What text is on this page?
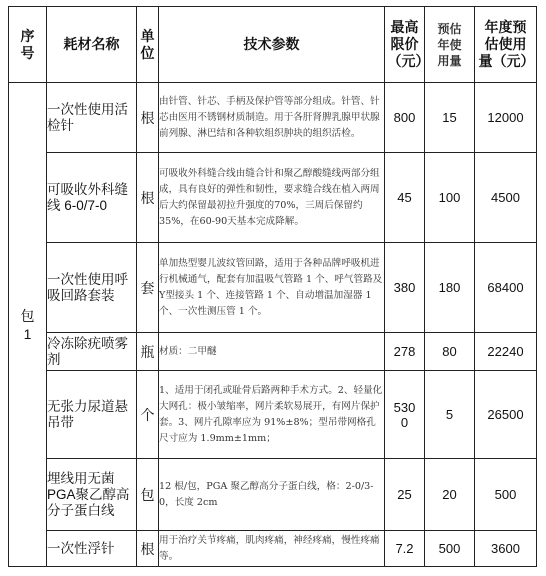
序号	耗材名称	单位	技术参数	最高限价（元）	预估年使用量	年度预估使用量（元）
包1	一次性使用活检针	根	由针管、针芯、手柄及保护管等部分组成。针管、针芯由医用不锈钢材质制造。用于各肝肾脾乳腺甲状腺前列腺、淋巴结和各种软组织肿块的组织活检。	800	15	12000
	可吸收外科缝线 6-0/7-0	根	可吸收外科缝合线由缝合针和聚乙醇酸缝线两部分组成，具有良好的弹性和韧性，要求缝合线在植入两周后大约保留最初拉升强度的70%，三周后保留约35%，在60-90天基本完成降解。	45	100	4500
	一次性使用呼吸回路套装	套	单加热型婴儿波纹管回路，适用于各种品牌呼吸机进行机械通气，配套有加温吸气管路 1 个、呼气管路及Y型接头 1 个、连接管路 1 个、自动增温加湿器 1 个、一次性测压管 1 个。	380	180	68400
	冷冻除疣喷雾剂	瓶	材质：二甲醚	278	80	22240
	无张力尿道悬吊带	个	1、适用于闭孔或耻骨后路两种手术方式。2、轻量化大网孔：极小皱缩率，网片柔软易展开，有网片保护套。3、网片孔隙率应为 91%±8%；型吊带网格孔尺寸应为 1.9mm±1mm；	5300	5	26500
	埋线用无菌PGA聚乙醇高分子蛋白线	包	12 根/包，PGA 聚乙醇高分子蛋白线，格：2-0/3-0，长度 2cm	25	20	500
	一次性浮针	根	用于治疗关节疼痛，肌肉疼痛，神经疼痛，慢性疼痛等。	7.2	500	3600
